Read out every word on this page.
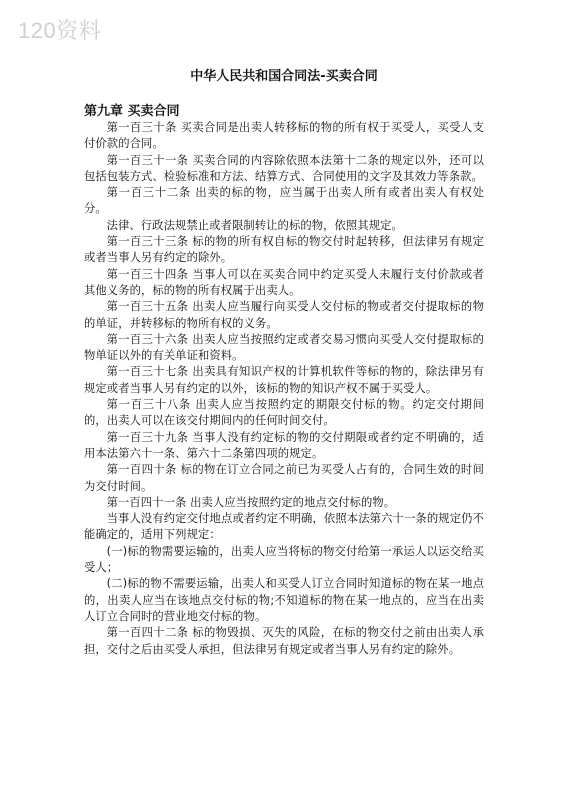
120资料
中华人民共和国合同法-买卖合同
第九章 买卖合同

第一百三十条 买卖合同是出卖人转移标的物的所有权于买受人，买受人支付价款的合同。

第一百三十一条 买卖合同的内容除依照本法第十二条的规定以外，还可以包括包装方式、检验标准和方法、结算方式、合同使用的文字及其效力等条款。

第一百三十二条 出卖的标的物，应当属于出卖人所有或者出卖人有权处分。

法律、行政法规禁止或者限制转让的标的物，依照其规定。

第一百三十三条 标的物的所有权自标的物交付时起转移，但法律另有规定或者当事人另有约定的除外。

第一百三十四条 当事人可以在买卖合同中约定买受人未履行支付价款或者其他义务的，标的物的所有权属于出卖人。

第一百三十五条 出卖人应当履行向买受人交付标的物或者交付提取标的物的单证，并转移标的物所有权的义务。

第一百三十六条 出卖人应当按照约定或者交易习惯向买受人交付提取标的物单证以外的有关单证和资料。

第一百三十七条 出卖具有知识产权的计算机软件等标的物的，除法律另有规定或者当事人另有约定的以外，该标的物的知识产权不属于买受人。

第一百三十八条 出卖人应当按照约定的期限交付标的物。约定交付期间的，出卖人可以在该交付期间内的任何时间交付。

第一百三十九条 当事人没有约定标的物的交付期限或者约定不明确的，适用本法第六十一条、第六十二条第四项的规定。

第一百四十条 标的物在订立合同之前已为买受人占有的，合同生效的时间为交付时间。

第一百四十一条 出卖人应当按照约定的地点交付标的物。

当事人没有约定交付地点或者约定不明确，依照本法第六十一条的规定仍不能确定的，适用下列规定：

(一)标的物需要运输的，出卖人应当将标的物交付给第一承运人以运交给买受人；

(二)标的物不需要运输，出卖人和买受人订立合同时知道标的物在某一地点的，出卖人应当在该地点交付标的物;不知道标的物在某一地点的，应当在出卖人订立合同时的营业地交付标的物。

第一百四十二条 标的物毁损、灭失的风险，在标的物交付之前由出卖人承担，交付之后由买受人承担，但法律另有规定或者当事人另有约定的除外。
